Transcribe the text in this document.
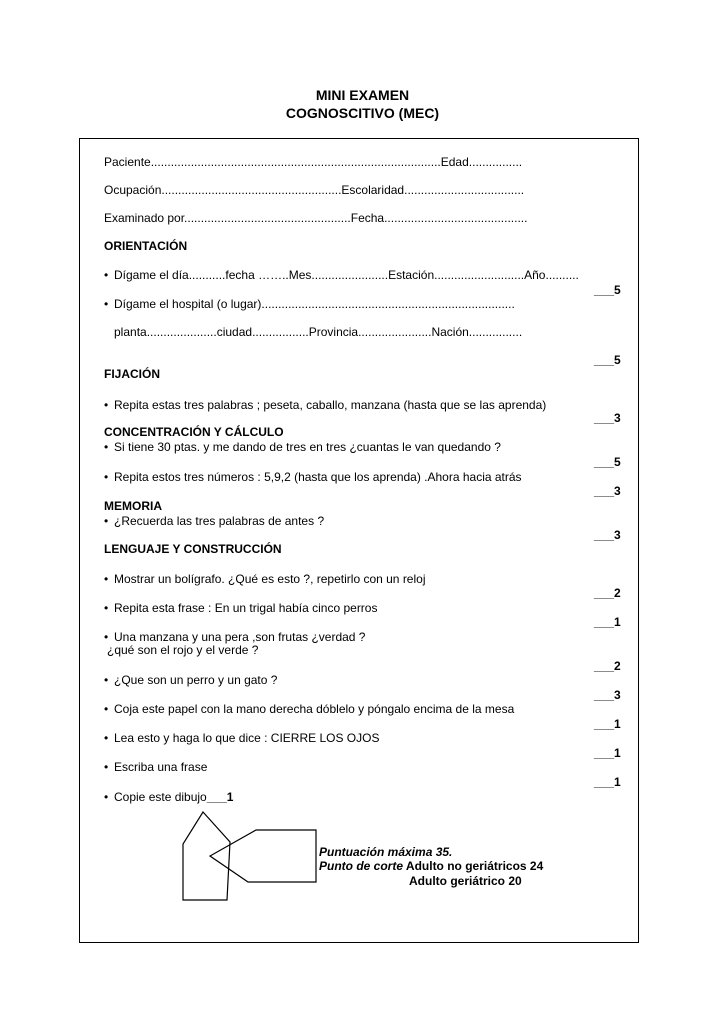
MINI EXAMEN
COGNOSCITIVO (MEC)
Paciente.......................................................................................Edad................
Ocupación......................................................Escolaridad....................................
Examinado por..................................................Fecha...........................................
ORIENTACIÓN
• Dígame el día...........fecha ……..Mes.......................Estación...........................Año..........
• Dígame el hospital (o lugar)............................................................................
planta.....................ciudad.................Provincia......................Nación................
FIJACIÓN
• Repita estas tres palabras ; peseta, caballo, manzana (hasta que se las aprenda)
CONCENTRACIÓN Y CÁLCULO
• Si tiene 30 ptas. y me dando de tres en tres ¿cuantas le van quedando ?
• Repita estos tres números : 5,9,2 (hasta que los aprenda) .Ahora hacia atrás
MEMORIA
• ¿Recuerda las tres palabras de antes ?
LENGUAJE Y CONSTRUCCIÓN
• Mostrar un bolígrafo. ¿Qué es esto ?, repetirlo con un reloj
• Repita esta frase : En un trigal había cinco perros
• Una manzana y una pera ,son frutas ¿verdad ?
¿qué son el rojo y el verde ?
• ¿Que son un perro y un gato ?
• Coja este papel con la mano derecha dóblelo y póngalo encima de la mesa
• Lea esto y haga lo que dice : CIERRE LOS OJOS
• Escriba una frase
• Copie este dibujo___1
___5
___5
___3
___5
___3
___3
___2
___1
___2
___3
___1
___1
___1
Puntuación máxima 35.
Punto de corte Adulto no geriátricos 24
Adulto geriátrico 20
